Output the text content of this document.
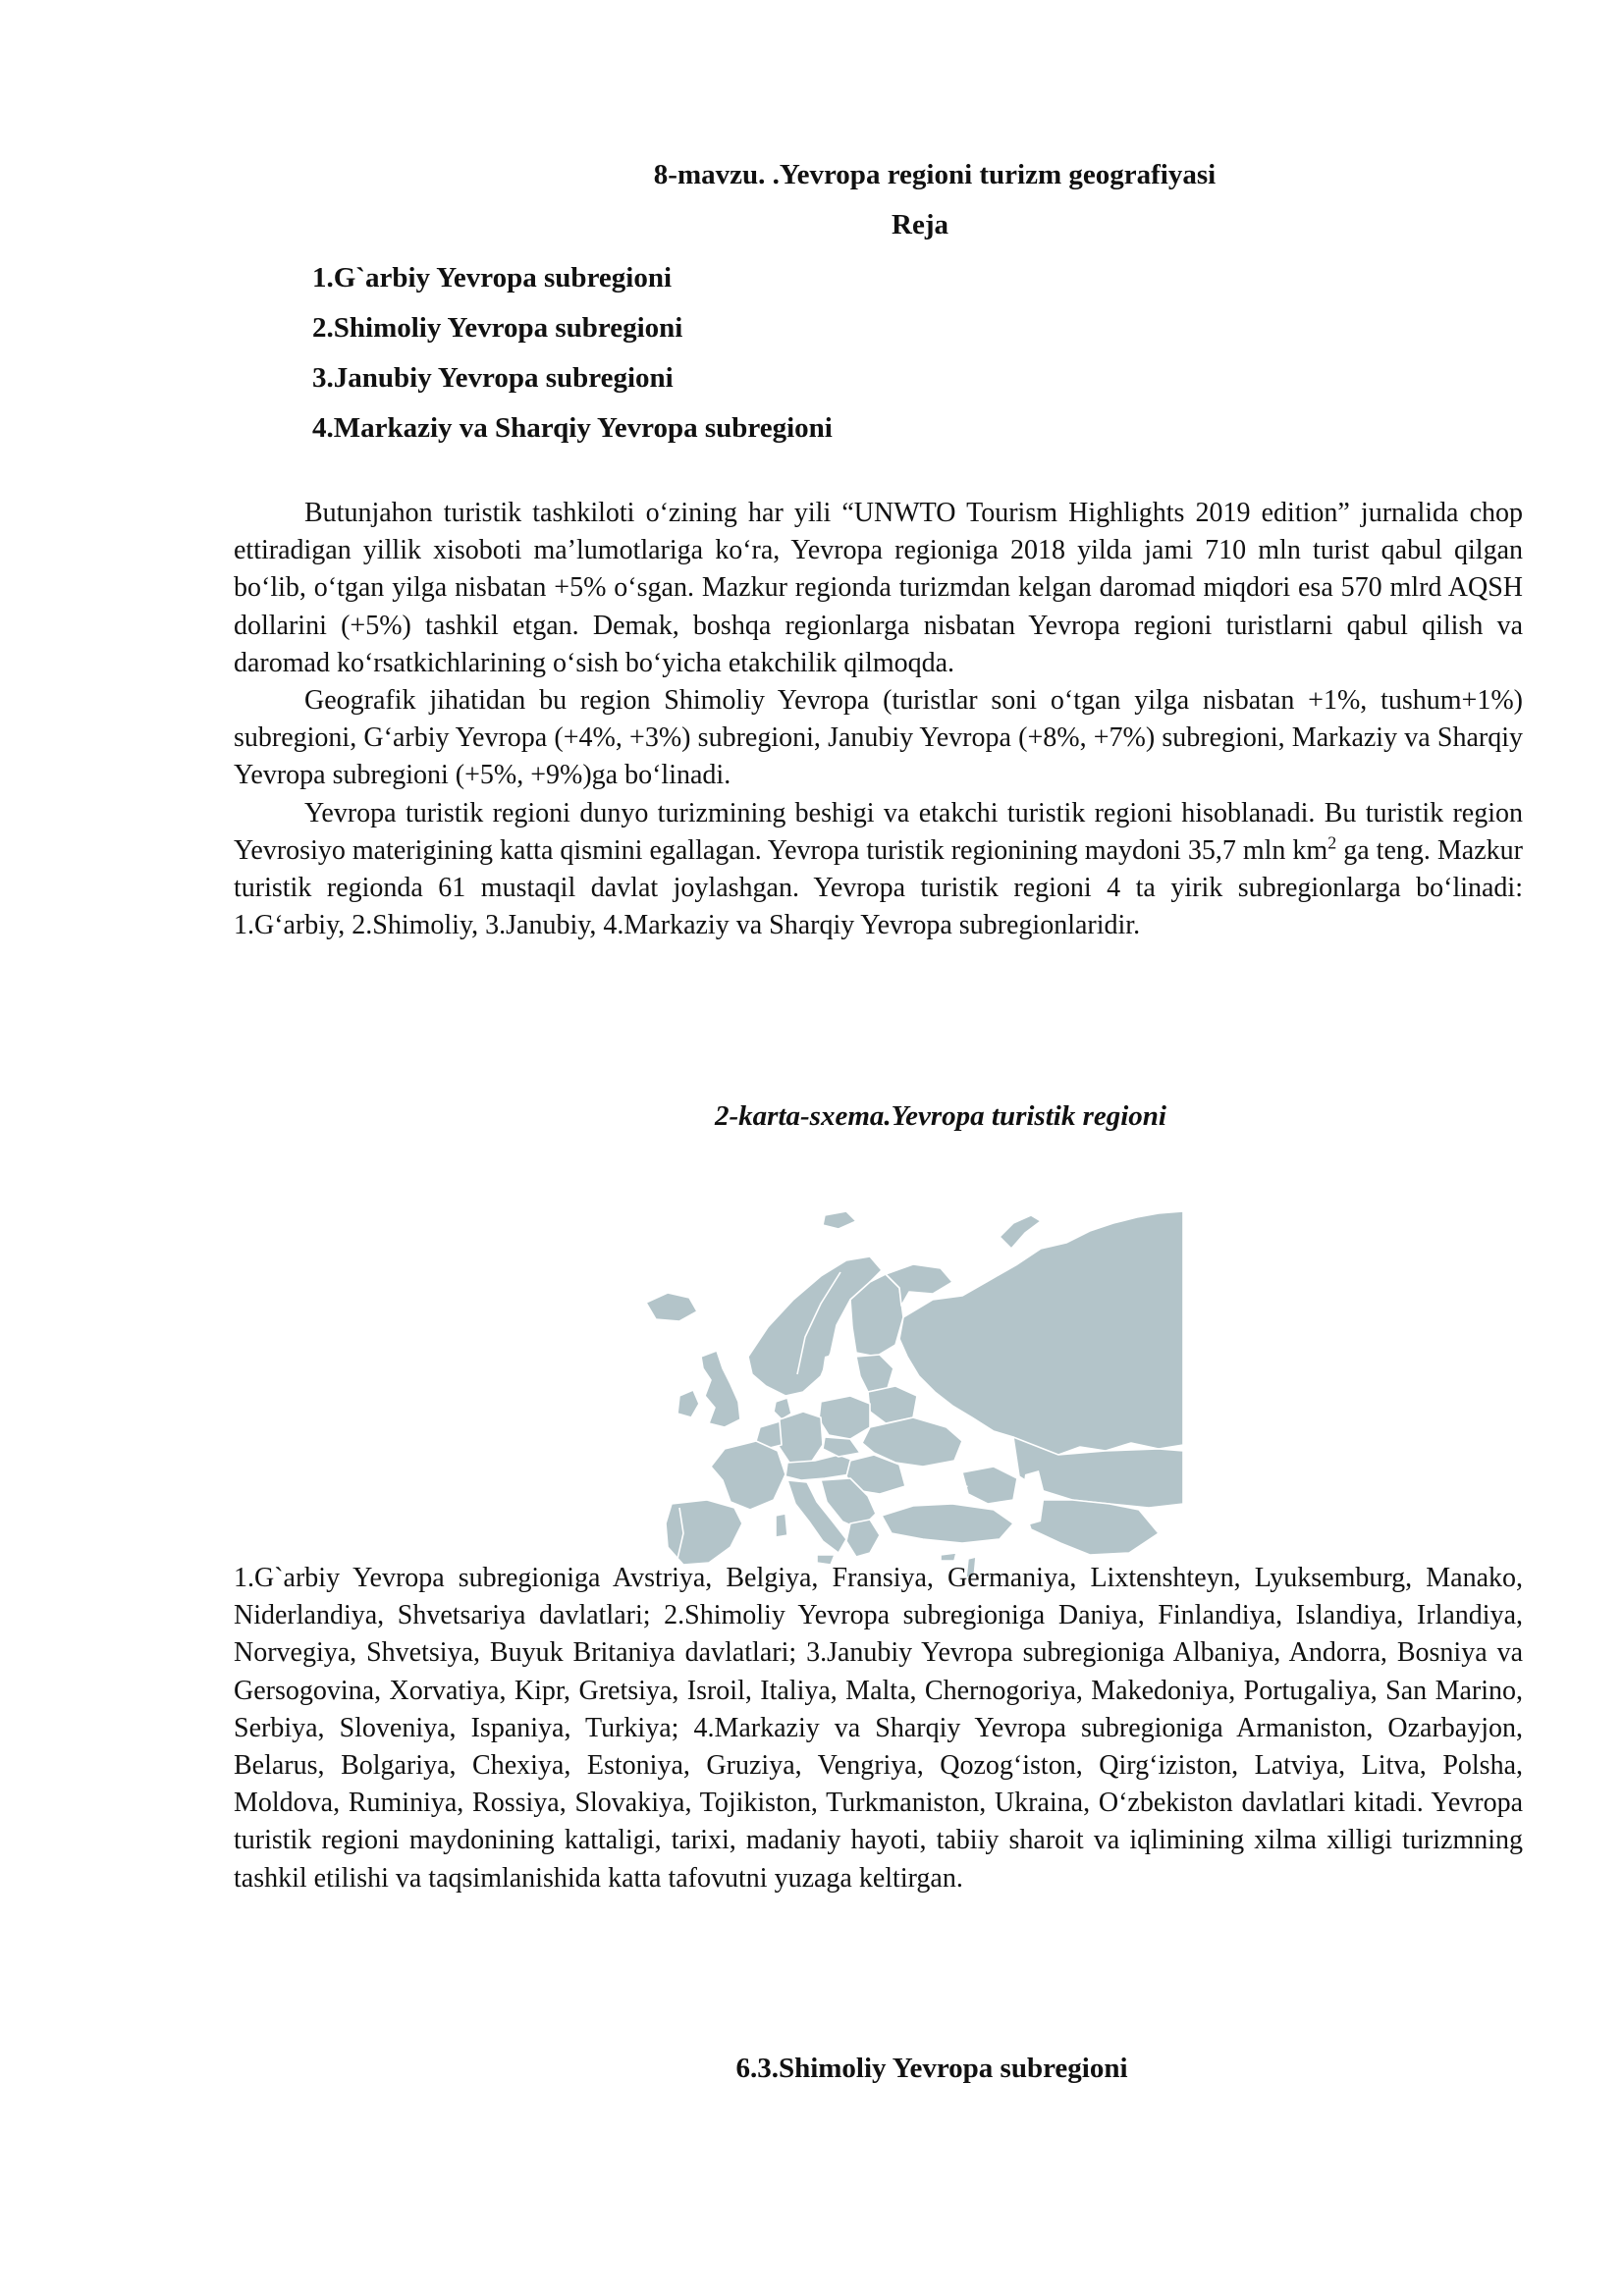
8-mavzu. .Yevropa regioni turizm geografiyasi
Reja
1.G`arbiy Yevropa subregioni
2.Shimoliy Yevropa subregioni
3.Janubiy Yevropa subregioni
4.Markaziy va Sharqiy Yevropa subregioni

Butunjahon turistik tashkiloti o‘zining har yili “UNWTO Tourism Highlights 2019 edition” jurnalida chop ettiradigan yillik xisoboti ma’lumotlariga ko‘ra, Yevropa regioniga 2018 yilda jami 710 mln turist qabul qilgan bo‘lib, o‘tgan yilga nisbatan +5% o‘sgan. Mazkur regionda turizmdan kelgan daromad miqdori esa 570 mlrd AQSH dollarini (+5%) tashkil etgan. Demak, boshqa regionlarga nisbatan Yevropa regioni turistlarni qabul qilish va daromad ko‘rsatkichlarining o‘sish bo‘yicha etakchilik qilmoqda.

Geografik jihatidan bu region Shimoliy Yevropa (turistlar soni o‘tgan yilga nisbatan +1%, tushum+1%) subregioni, G‘arbiy Yevropa (+4%, +3%) subregioni, Janubiy Yevropa (+8%, +7%) subregioni, Markaziy va Sharqiy Yevropa subregioni (+5%, +9%)ga bo‘linadi.

Yevropa turistik regioni dunyo turizmining beshigi va etakchi turistik regioni hisoblanadi. Bu turistik region Yevrosiyo materigining katta qismini egallagan. Yevropa turistik regionining maydoni 35,7 mln $km^2$ ga teng. Mazkur turistik regionda 61 mustaqil davlat joylashgan. Yevropa turistik regioni 4 ta yirik subregionlarga bo‘linadi: 1.G‘arbiy, 2.Shimoliy, 3.Janubiy, 4.Markaziy va Sharqiy Yevropa subregionlaridir.

2-karta-sxema.Yevropa turistik regioni

1.G`arbiy Yevropa subregioniga Avstriya, Belgiya, Fransiya, Germaniya, Lixtenshteyn, Lyuksemburg, Manako, Niderlandiya, Shvetsariya davlatlari; 2.Shimoliy Yevropa subregioniga Daniya, Finlandiya, Islandiya, Irlandiya, Norvegiya, Shvetsiya, Buyuk Britaniya davlatlari; 3.Janubiy Yevropa subregioniga Albaniya, Andorra, Bosniya va Gersogovina, Xorvatiya, Kipr, Gretsiya, Isroil, Italiya, Malta, Chernogoriya, Makedoniya, Portugaliya, San Marino, Serbiya, Sloveniya, Ispaniya, Turkiya; 4.Markaziy va Sharqiy Yevropa subregioniga Armaniston, Ozarbayjon, Belarus, Bolgariya, Chexiya, Estoniya, Gruziya, Vengriya, Qozog‘iston, Qirg‘iziston, Latviya, Litva, Polsha, Moldova, Ruminiya, Rossiya, Slovakiya, Tojikiston, Turkmaniston, Ukraina, O‘zbekiston davlatlari kitadi. Yevropa turistik regioni maydonining kattaligi, tarixi, madaniy hayoti, tabiiy sharoit va iqlimining xilma xilligi turizmning tashkil etilishi va taqsimlanishida katta tafovutni yuzaga keltirgan.

6.3.Shimoliy Yevropa subregioni
